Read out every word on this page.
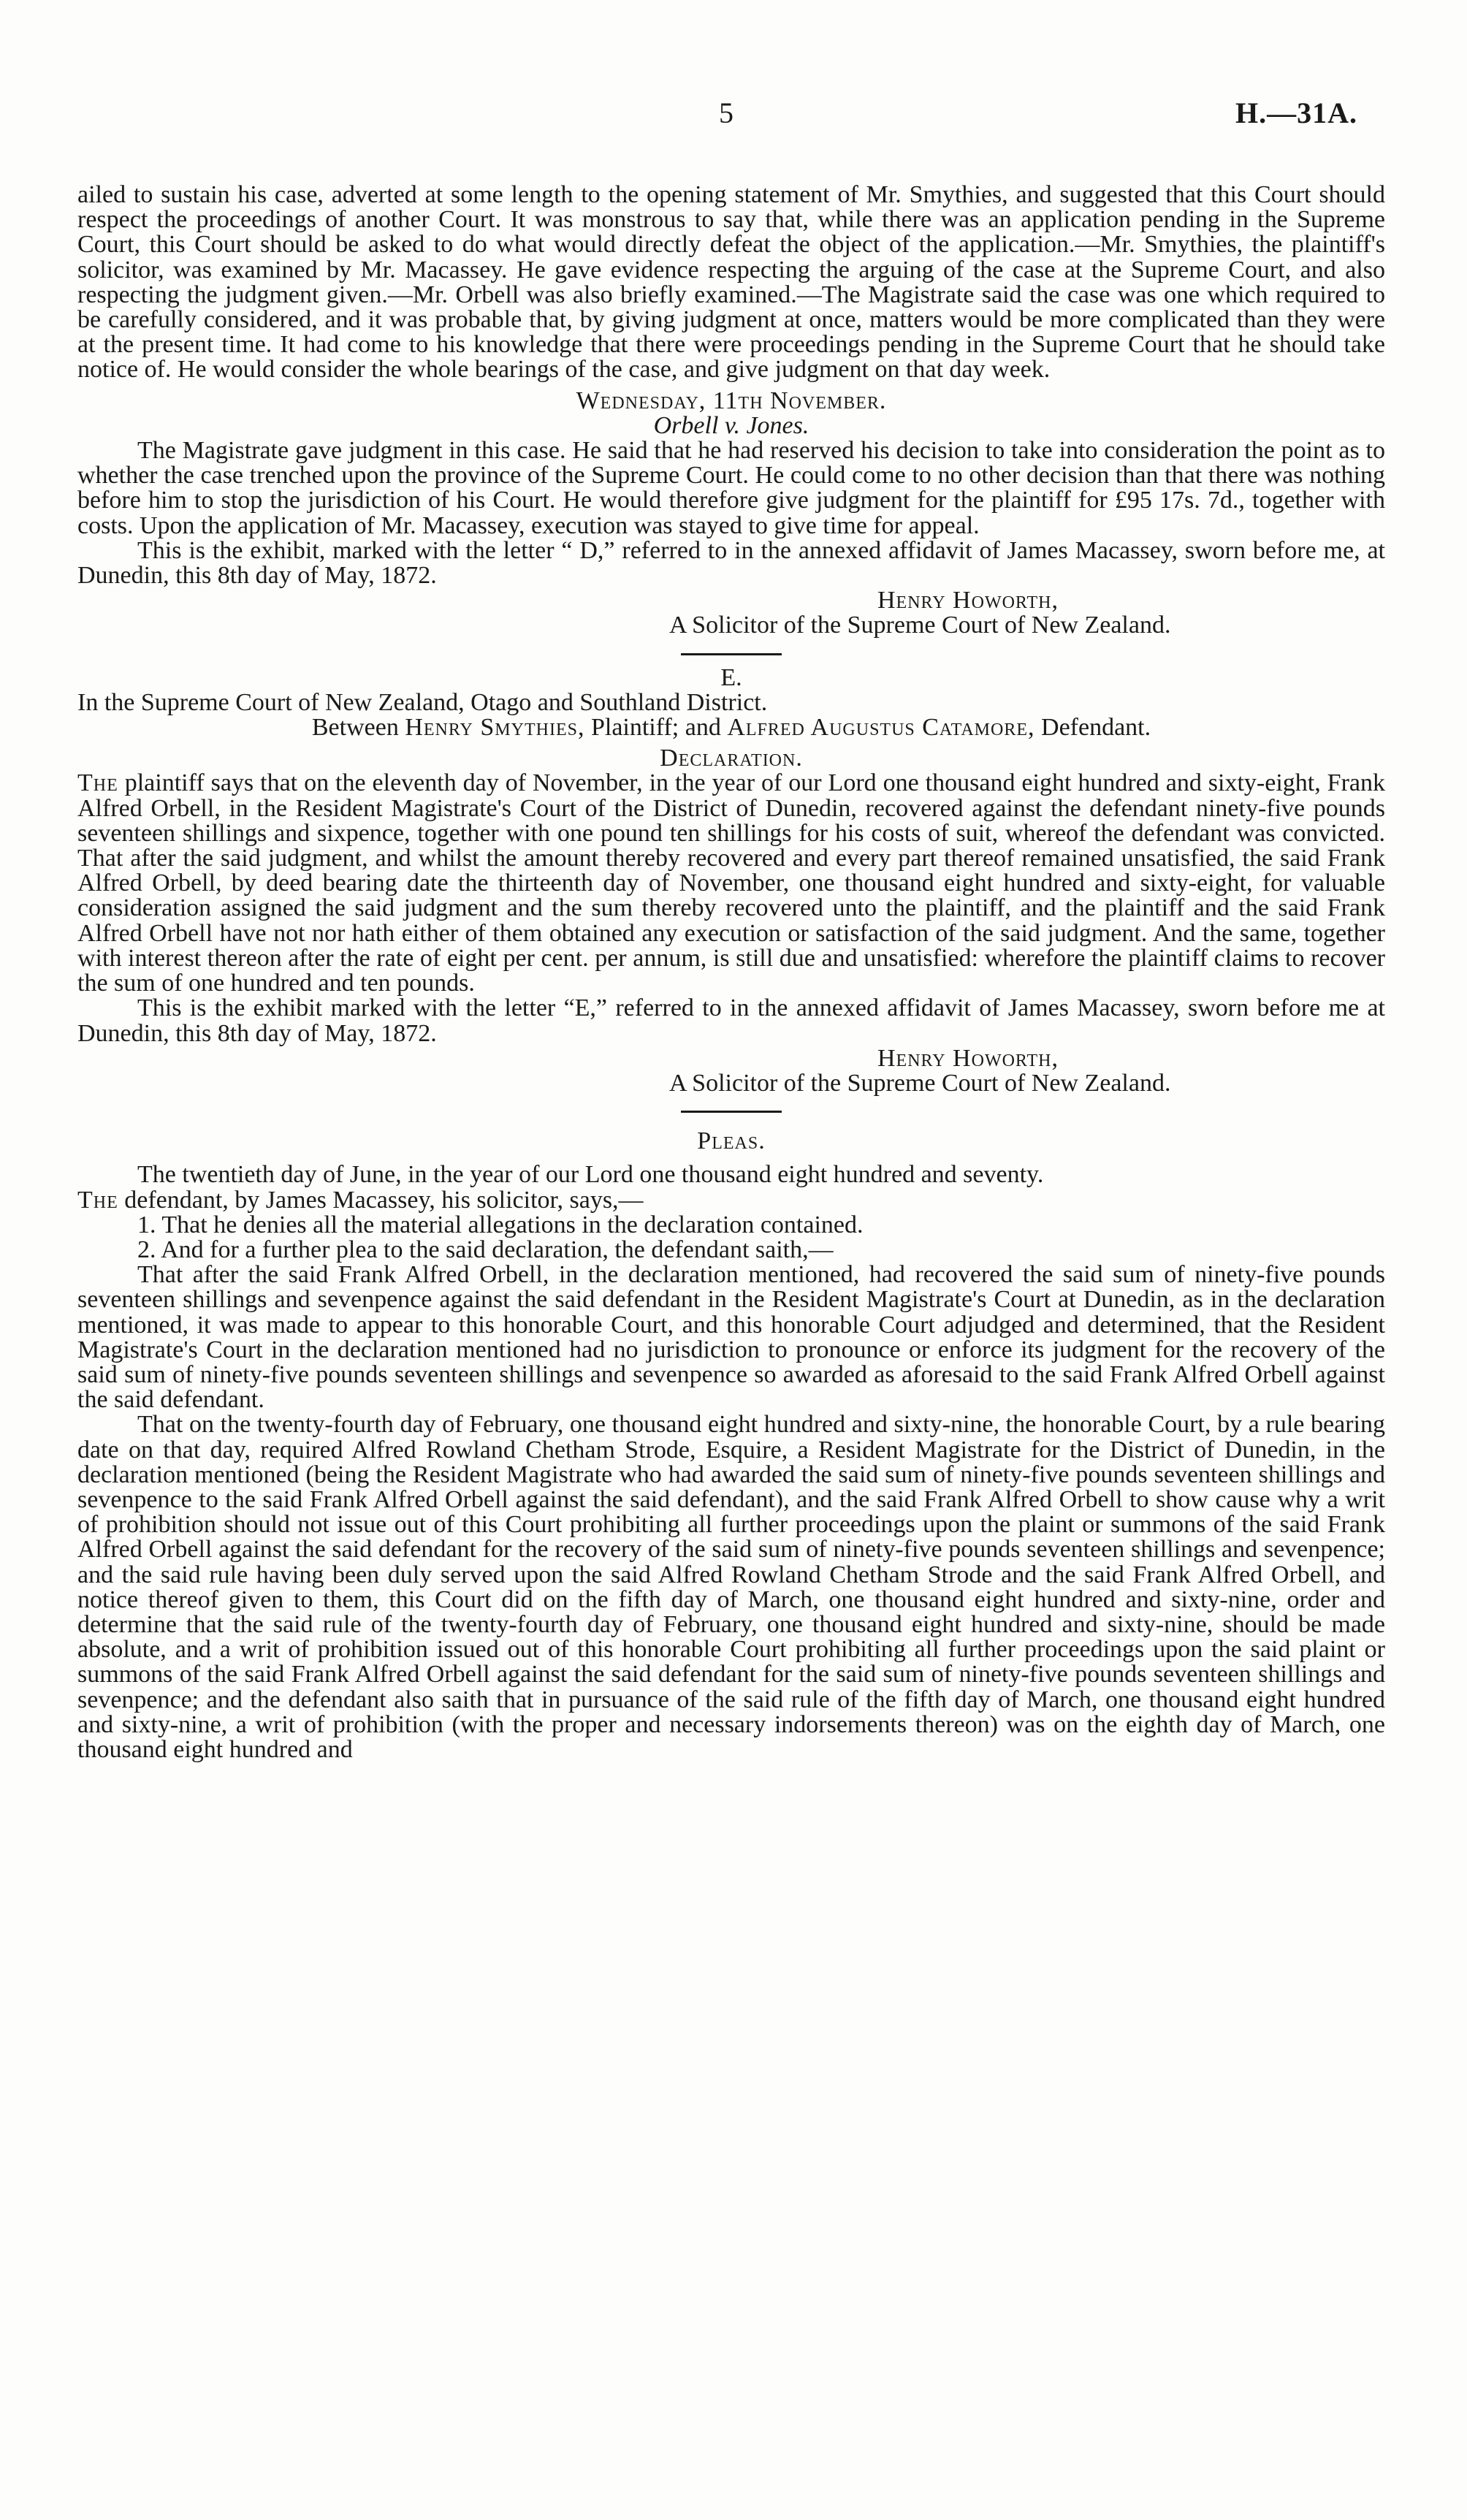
5	H.—31A.

ailed to sustain his case, adverted at some length to the opening statement of Mr. Smythies, and suggested that this Court should respect the proceedings of another Court. It was monstrous to say that, while there was an application pending in the Supreme Court, this Court should be asked to do what would directly defeat the object of the application.—Mr. Smythies, the plaintiff's solicitor, was examined by Mr. Macassey. He gave evidence respecting the arguing of the case at the Supreme Court, and also respecting the judgment given.—Mr. Orbell was also briefly examined.—The Magistrate said the case was one which required to be carefully considered, and it was probable that, by giving judgment at once, matters would be more complicated than they were at the present time. It had come to his knowledge that there were proceedings pending in the Supreme Court that he should take notice of. He would consider the whole bearings of the case, and give judgment on that day week.

Wednesday, 11th November.

Orbell v. Jones.

The Magistrate gave judgment in this case. He said that he had reserved his decision to take into consideration the point as to whether the case trenched upon the province of the Supreme Court. He could come to no other decision than that there was nothing before him to stop the jurisdiction of his Court. He would therefore give judgment for the plaintiff for £95 17s. 7d., together with costs. Upon the application of Mr. Macassey, execution was stayed to give time for appeal.

This is the exhibit, marked with the letter “ D,” referred to in the annexed affidavit of James Macassey, sworn before me, at Dunedin, this 8th day of May, 1872.

Henry Howorth,

A Solicitor of the Supreme Court of New Zealand.

E.

In the Supreme Court of New Zealand, Otago and Southland District.

Between Henry Smythies, Plaintiff; and Alfred Augustus Catamore, Defendant.

Declaration.

The plaintiff says that on the eleventh day of November, in the year of our Lord one thousand eight hundred and sixty-eight, Frank Alfred Orbell, in the Resident Magistrate's Court of the District of Dunedin, recovered against the defendant ninety-five pounds seventeen shillings and sixpence, together with one pound ten shillings for his costs of suit, whereof the defendant was convicted. That after the said judgment, and whilst the amount thereby recovered and every part thereof remained unsatisfied, the said Frank Alfred Orbell, by deed bearing date the thirteenth day of November, one thousand eight hundred and sixty-eight, for valuable consideration assigned the said judgment and the sum thereby recovered unto the plaintiff, and the plaintiff and the said Frank Alfred Orbell have not nor hath either of them obtained any execution or satisfaction of the said judgment. And the same, together with interest thereon after the rate of eight per cent. per annum, is still due and unsatisfied: wherefore the plaintiff claims to recover the sum of one hundred and ten pounds.

This is the exhibit marked with the letter “E,” referred to in the annexed affidavit of James Macassey, sworn before me at Dunedin, this 8th day of May, 1872.

Henry Howorth,

A Solicitor of the Supreme Court of New Zealand.

Pleas.

The twentieth day of June, in the year of our Lord one thousand eight hundred and seventy.

The defendant, by James Macassey, his solicitor, says,—

1. That he denies all the material allegations in the declaration contained.

2. And for a further plea to the said declaration, the defendant saith,—

That after the said Frank Alfred Orbell, in the declaration mentioned, had recovered the said sum of ninety-five pounds seventeen shillings and sevenpence against the said defendant in the Resident Magistrate's Court at Dunedin, as in the declaration mentioned, it was made to appear to this honorable Court, and this honorable Court adjudged and determined, that the Resident Magistrate's Court in the declaration mentioned had no jurisdiction to pronounce or enforce its judgment for the recovery of the said sum of ninety-five pounds seventeen shillings and sevenpence so awarded as aforesaid to the said Frank Alfred Orbell against the said defendant.

That on the twenty-fourth day of February, one thousand eight hundred and sixty-nine, the honorable Court, by a rule bearing date on that day, required Alfred Rowland Chetham Strode, Esquire, a Resident Magistrate for the District of Dunedin, in the declaration mentioned (being the Resident Magistrate who had awarded the said sum of ninety-five pounds seventeen shillings and sevenpence to the said Frank Alfred Orbell against the said defendant), and the said Frank Alfred Orbell to show cause why a writ of prohibition should not issue out of this Court prohibiting all further proceedings upon the plaint or summons of the said Frank Alfred Orbell against the said defendant for the recovery of the said sum of ninety-five pounds seventeen shillings and sevenpence; and the said rule having been duly served upon the said Alfred Rowland Chetham Strode and the said Frank Alfred Orbell, and notice thereof given to them, this Court did on the fifth day of March, one thousand eight hundred and sixty-nine, order and determine that the said rule of the twenty-fourth day of February, one thousand eight hundred and sixty-nine, should be made absolute, and a writ of prohibition issued out of this honorable Court prohibiting all further proceedings upon the said plaint or summons of the said Frank Alfred Orbell against the said defendant for the said sum of ninety-five pounds seventeen shillings and sevenpence; and the defendant also saith that in pursuance of the said rule of the fifth day of March, one thousand eight hundred and sixty-nine, a writ of prohibition (with the proper and necessary indorsements thereon) was on the eighth day of March, one thousand eight hundred and
